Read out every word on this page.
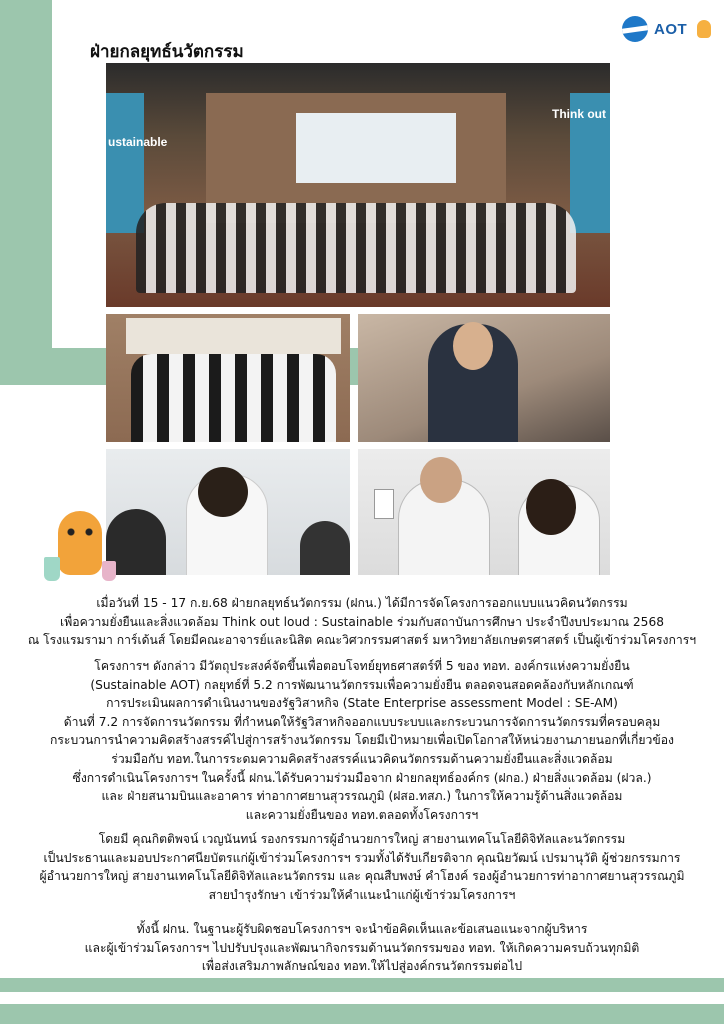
ฝ่ายกลยุทธ์นวัตกรรม
AOT
ustainable
Think out

เมื่อวันที่ 15 - 17 ก.ย.68 ฝ่ายกลยุทธ์นวัตกรรม (ฝกน.) ได้มีการจัดโครงการออกแบบแนวคิดนวัตกรรม
เพื่อความยั่งยืนและสิ่งแวดล้อม Think out loud : Sustainable ร่วมกับสถาบันการศึกษา ประจำปีงบประมาณ 2568
ณ โรงแรมรามา การ์เด้นส์ โดยมีคณะอาจารย์และนิสิต คณะวิศวกรรมศาสตร์ มหาวิทยาลัยเกษตรศาสตร์ เป็นผู้เข้าร่วมโครงการฯ

โครงการฯ ดังกล่าว มีวัตถุประสงค์จัดขึ้นเพื่อตอบโจทย์ยุทธศาสตร์ที่ 5 ของ ทอท. องค์กรแห่งความยั่งยืน
(Sustainable AOT) กลยุทธ์ที่ 5.2 การพัฒนานวัตกรรมเพื่อความยั่งยืน ตลอดจนสอดคล้องกับหลักเกณฑ์
การประเมินผลการดำเนินงานของรัฐวิสาหกิจ (State Enterprise assessment Model : SE-AM)
ด้านที่ 7.2 การจัดการนวัตกรรม ที่กำหนดให้รัฐวิสาหกิจออกแบบระบบและกระบวนการจัดการนวัตกรรมที่ครอบคลุม
กระบวนการนำความคิดสร้างสรรค์ไปสู่การสร้างนวัตกรรม โดยมีเป้าหมายเพื่อเปิดโอกาสให้หน่วยงานภายนอกที่เกี่ยวข้อง
ร่วมมือกับ ทอท.ในการระดมความคิดสร้างสรรค์แนวคิดนวัตกรรมด้านความยั่งยืนและสิ่งแวดล้อม
ซึ่งการดำเนินโครงการฯ ในครั้งนี้ ฝกน.ได้รับความร่วมมือจาก ฝ่ายกลยุทธ์องค์กร (ฝกอ.) ฝ่ายสิ่งแวดล้อม (ฝวล.)
และ ฝ่ายสนามบินและอาคาร ท่าอากาศยานสุวรรณภูมิ (ฝสอ.ทสภ.) ในการให้ความรู้ด้านสิ่งแวดล้อม
และความยั่งยืนของ ทอท.ตลอดทั้งโครงการฯ

โดยมี คุณกิตติพจน์ เวญนันทน์ รองกรรมการผู้อำนวยการใหญ่ สายงานเทคโนโลยีดิจิทัลและนวัตกรรม
เป็นประธานและมอบประกาศนียบัตรแก่ผู้เข้าร่วมโครงการฯ รวมทั้งได้รับเกียรติจาก คุณนิยวัฒน์ เปรมานุวัติ ผู้ช่วยกรรมการ
ผู้อำนวยการใหญ่ สายงานเทคโนโลยีดิจิทัลและนวัตกรรม และ คุณสืบพงษ์ คำโฮงค์ รองผู้อำนวยการท่าอากาศยานสุวรรณภูมิ
สายบำรุงรักษา เข้าร่วมให้คำแนะนำแก่ผู้เข้าร่วมโครงการฯ

ทั้งนี้ ฝกน. ในฐานะผู้รับผิดชอบโครงการฯ จะนำข้อคิดเห็นและข้อเสนอแนะจากผู้บริหาร
และผู้เข้าร่วมโครงการฯ ไปปรับปรุงและพัฒนากิจกรรมด้านนวัตกรรมของ ทอท. ให้เกิดความครบถ้วนทุกมิติ
เพื่อส่งเสริมภาพลักษณ์ของ ทอท.ให้ไปสู่องค์กรนวัตกรรมต่อไป
